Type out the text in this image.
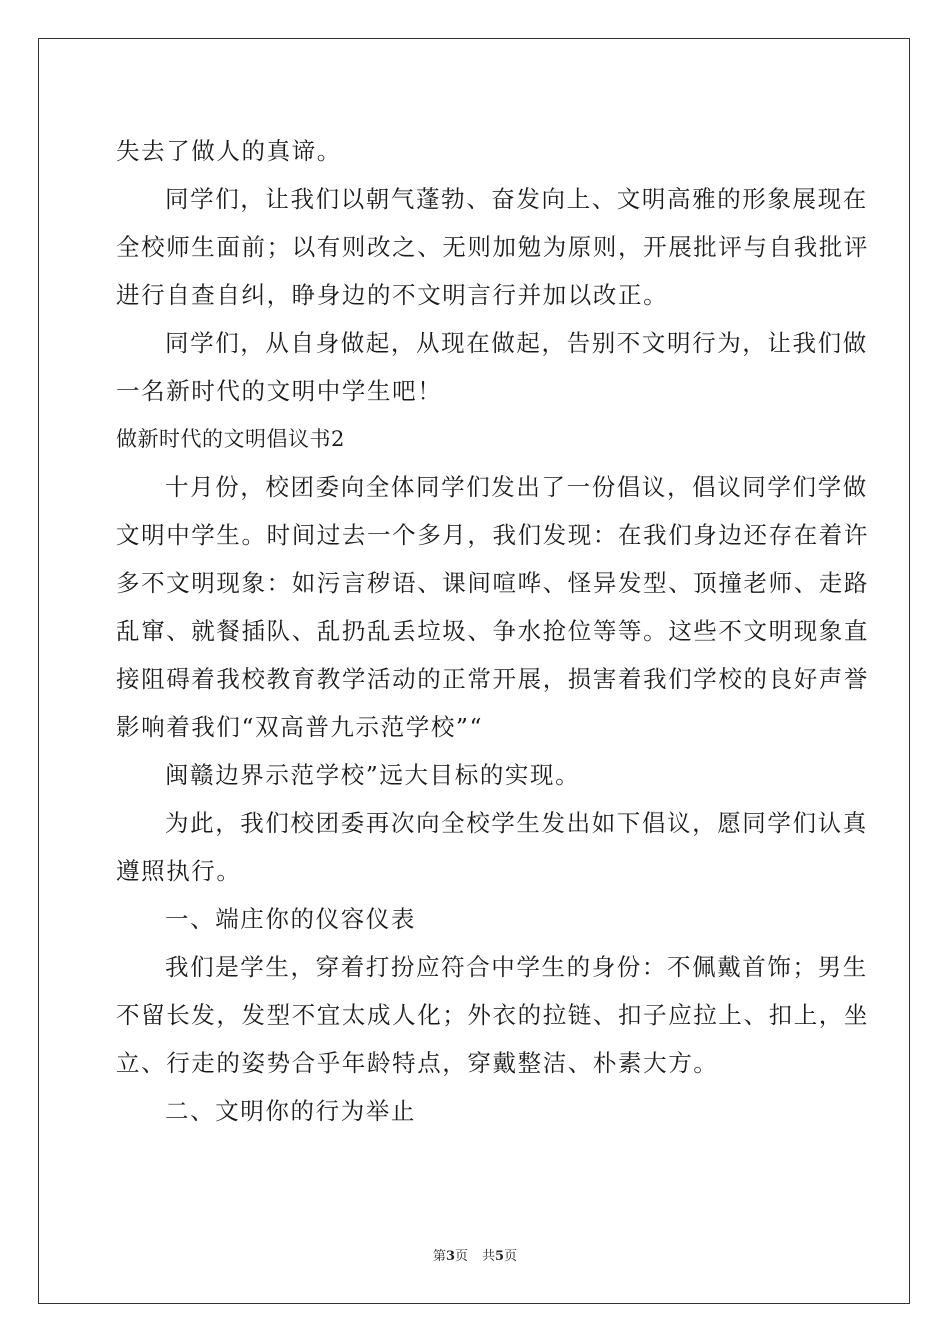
失去了做人的真谛。
同学们，让我们以朝气蓬勃、奋发向上、文明高雅的形象展现在
全校师生面前；以有则改之、无则加勉为原则，开展批评与自我批评
进行自查自纠，睁身边的不文明言行并加以改正。
同学们，从自身做起，从现在做起，告别不文明行为，让我们做
一名新时代的文明中学生吧！
做新时代的文明倡议书2
十月份，校团委向全体同学们发出了一份倡议，倡议同学们学做
文明中学生。时间过去一个多月，我们发现：在我们身边还存在着许
多不文明现象：如污言秽语、课间喧哗、怪异发型、顶撞老师、走路
乱窜、就餐插队、乱扔乱丢垃圾、争水抢位等等。这些不文明现象直
接阻碍着我校教育教学活动的正常开展，损害着我们学校的良好声誉
影响着我们“双高普九示范学校”“
闽赣边界示范学校”远大目标的实现。
为此，我们校团委再次向全校学生发出如下倡议，愿同学们认真
遵照执行。
一、端庄你的仪容仪表
我们是学生，穿着打扮应符合中学生的身份：不佩戴首饰；男生
不留长发，发型不宜太成人化；外衣的拉链、扣子应拉上、扣上，坐
立、行走的姿势合乎年龄特点，穿戴整洁、朴素大方。
二、文明你的行为举止
第3页 共5页
